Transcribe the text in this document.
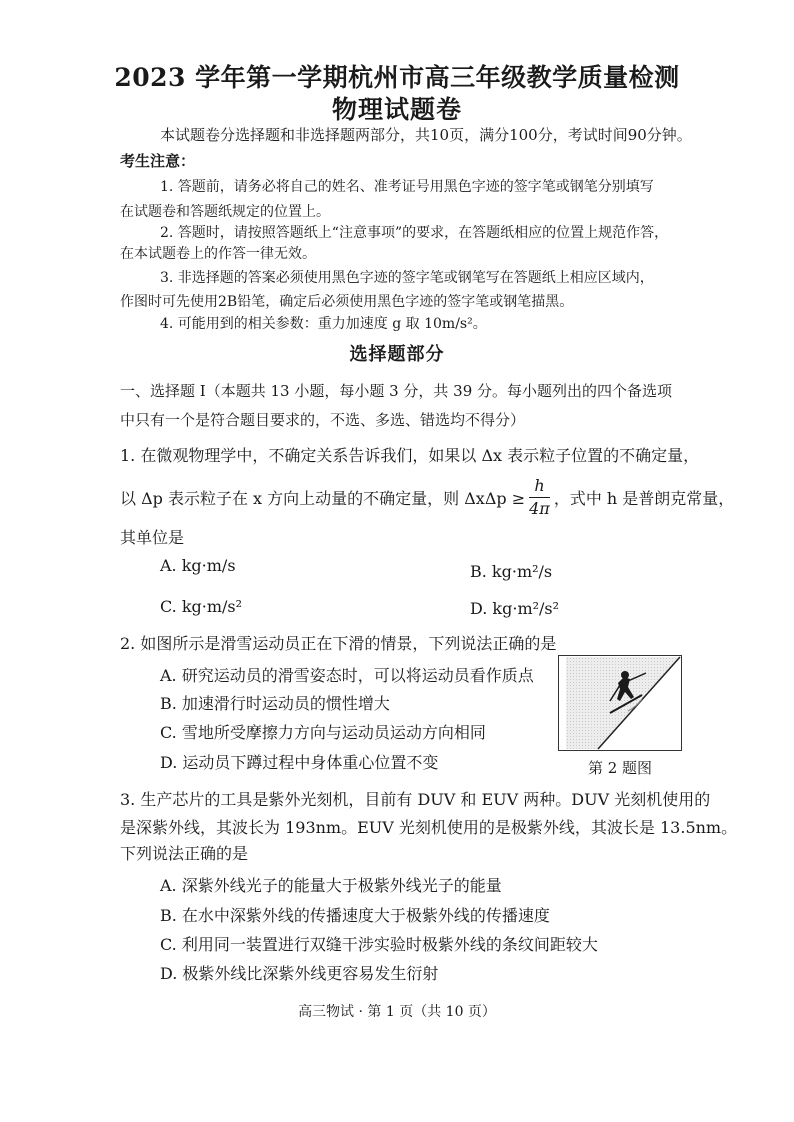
2023 学年第一学期杭州市高三年级教学质量检测
物理试题卷
本试题卷分选择题和非选择题两部分，共10页，满分100分，考试时间90分钟。
考生注意：
1. 答题前，请务必将自己的姓名、准考证号用黑色字迹的签字笔或钢笔分别填写
在试题卷和答题纸规定的位置上。
2. 答题时，请按照答题纸上“注意事项”的要求，在答题纸相应的位置上规范作答，
在本试题卷上的作答一律无效。
3. 非选择题的答案必须使用黑色字迹的签字笔或钢笔写在答题纸上相应区域内，
作图时可先使用2B铅笔，确定后必须使用黑色字迹的签字笔或钢笔描黑。
4. 可能用到的相关参数：重力加速度 g 取 10m/s²。
选择题部分
一、选择题 I（本题共 13 小题，每小题 3 分，共 39 分。每小题列出的四个备选项
中只有一个是符合题目要求的，不选、多选、错选均不得分）
1. 在微观物理学中，不确定关系告诉我们，如果以 Δx 表示粒子位置的不确定量，
以 Δp 表示粒子在 x 方向上动量的不确定量，则 $\Delta x\Delta p \ge \frac{h}{4\pi}$ ，式中 h 是普朗克常量，
其单位是
A. kg·m/s	B. kg·m²/s
C. kg·m/s²	D. kg·m²/s²
2. 如图所示是滑雪运动员正在下滑的情景，下列说法正确的是
A. 研究运动员的滑雪姿态时，可以将运动员看作质点
B. 加速滑行时运动员的惯性增大
C. 雪地所受摩擦力方向与运动员运动方向相同
D. 运动员下蹲过程中身体重心位置不变	第 2 题图
3. 生产芯片的工具是紫外光刻机，目前有 DUV 和 EUV 两种。DUV 光刻机使用的
是深紫外线，其波长为 193nm。EUV 光刻机使用的是极紫外线，其波长是 13.5nm。
下列说法正确的是
A. 深紫外线光子的能量大于极紫外线光子的能量
B. 在水中深紫外线的传播速度大于极紫外线的传播速度
C. 利用同一装置进行双缝干涉实验时极紫外线的条纹间距较大
D. 极紫外线比深紫外线更容易发生衍射
高三物试 · 第 1 页（共 10 页）
